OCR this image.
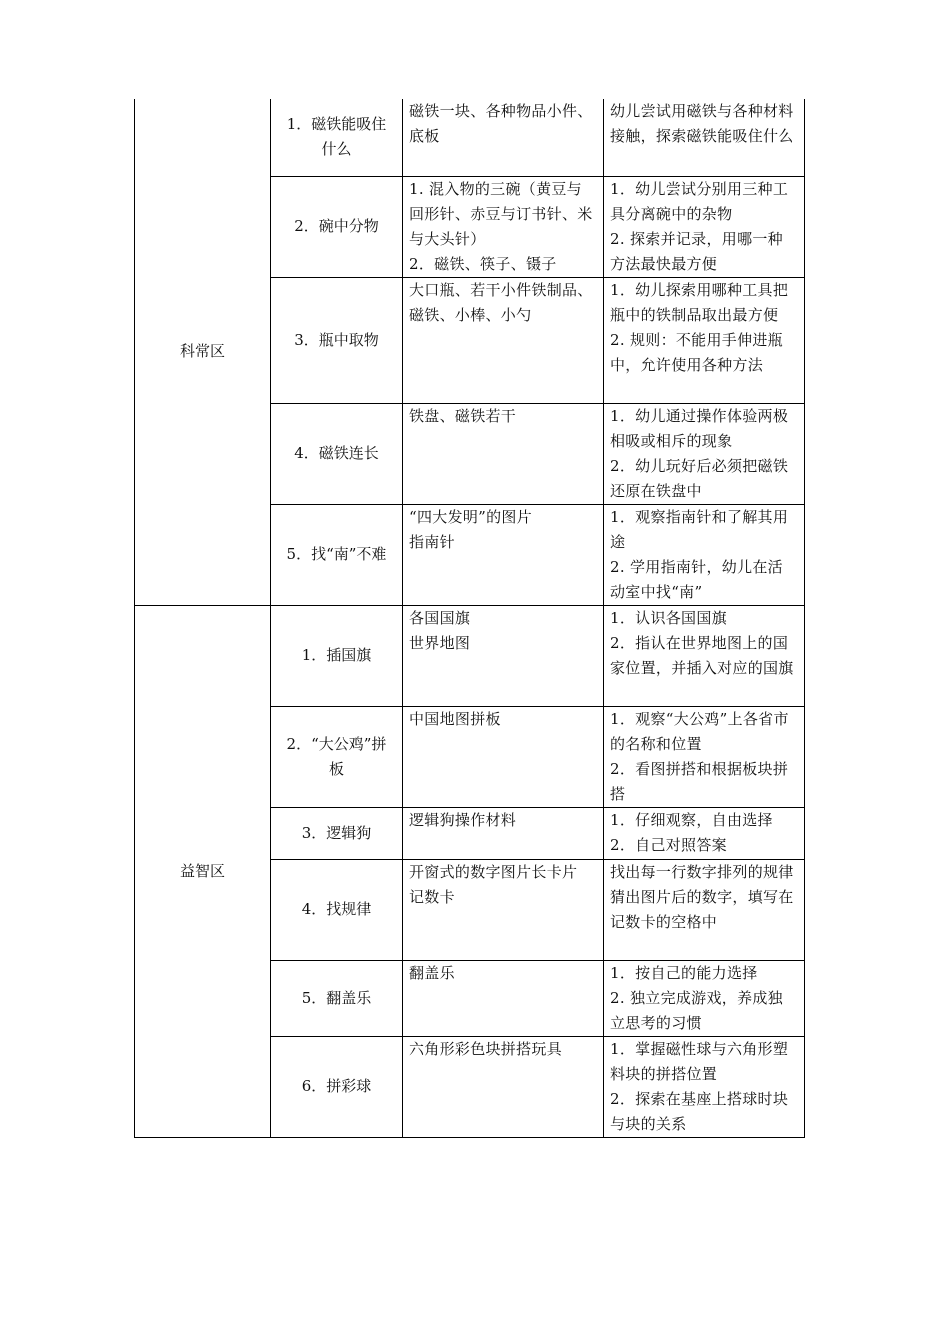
科常区	1．磁铁能吸住什么	磁铁一块、各种物品小件、底板	幼儿尝试用磁铁与各种材料接触，探索磁铁能吸住什么

	2．碗中分物	1. 混入物的三碗（黄豆与回形针、赤豆与订书针、米与大头针）
2．磁铁、筷子、镊子	1．幼儿尝试分别用三种工具分离碗中的杂物
2. 探索并记录，用哪一种方法最快最方便

	3．瓶中取物	大口瓶、若干小件铁制品、磁铁、小棒、小勺	1．幼儿探索用哪种工具把瓶中的铁制品取出最方便
2. 规则：不能用手伸进瓶中，允许使用各种方法

	4．磁铁连长	铁盘、磁铁若干	1．幼儿通过操作体验两极相吸或相斥的现象
2．幼儿玩好后必须把磁铁还原在铁盘中

	5．找“南”不难	“四大发明”的图片
指南针	1．观察指南针和了解其用途
2. 学用指南针，幼儿在活动室中找“南”

益智区	1．插国旗	各国国旗
世界地图	1．认识各国国旗
2．指认在世界地图上的国家位置，并插入对应的国旗

	2．“大公鸡”拼板	中国地图拼板	1．观察“大公鸡”上各省市的名称和位置
2．看图拼搭和根据板块拼搭

	3．逻辑狗	逻辑狗操作材料	1．仔细观察，自由选择
2．自己对照答案

	4．找规律	开窗式的数字图片长卡片
记数卡	找出每一行数字排列的规律
猜出图片后的数字，填写在记数卡的空格中

	5．翻盖乐	翻盖乐	1．按自己的能力选择
2. 独立完成游戏，养成独立思考的习惯

	6．拼彩球	六角形彩色块拼搭玩具	1．掌握磁性球与六角形塑料块的拼搭位置
2．探索在基座上搭球时块与块的关系
